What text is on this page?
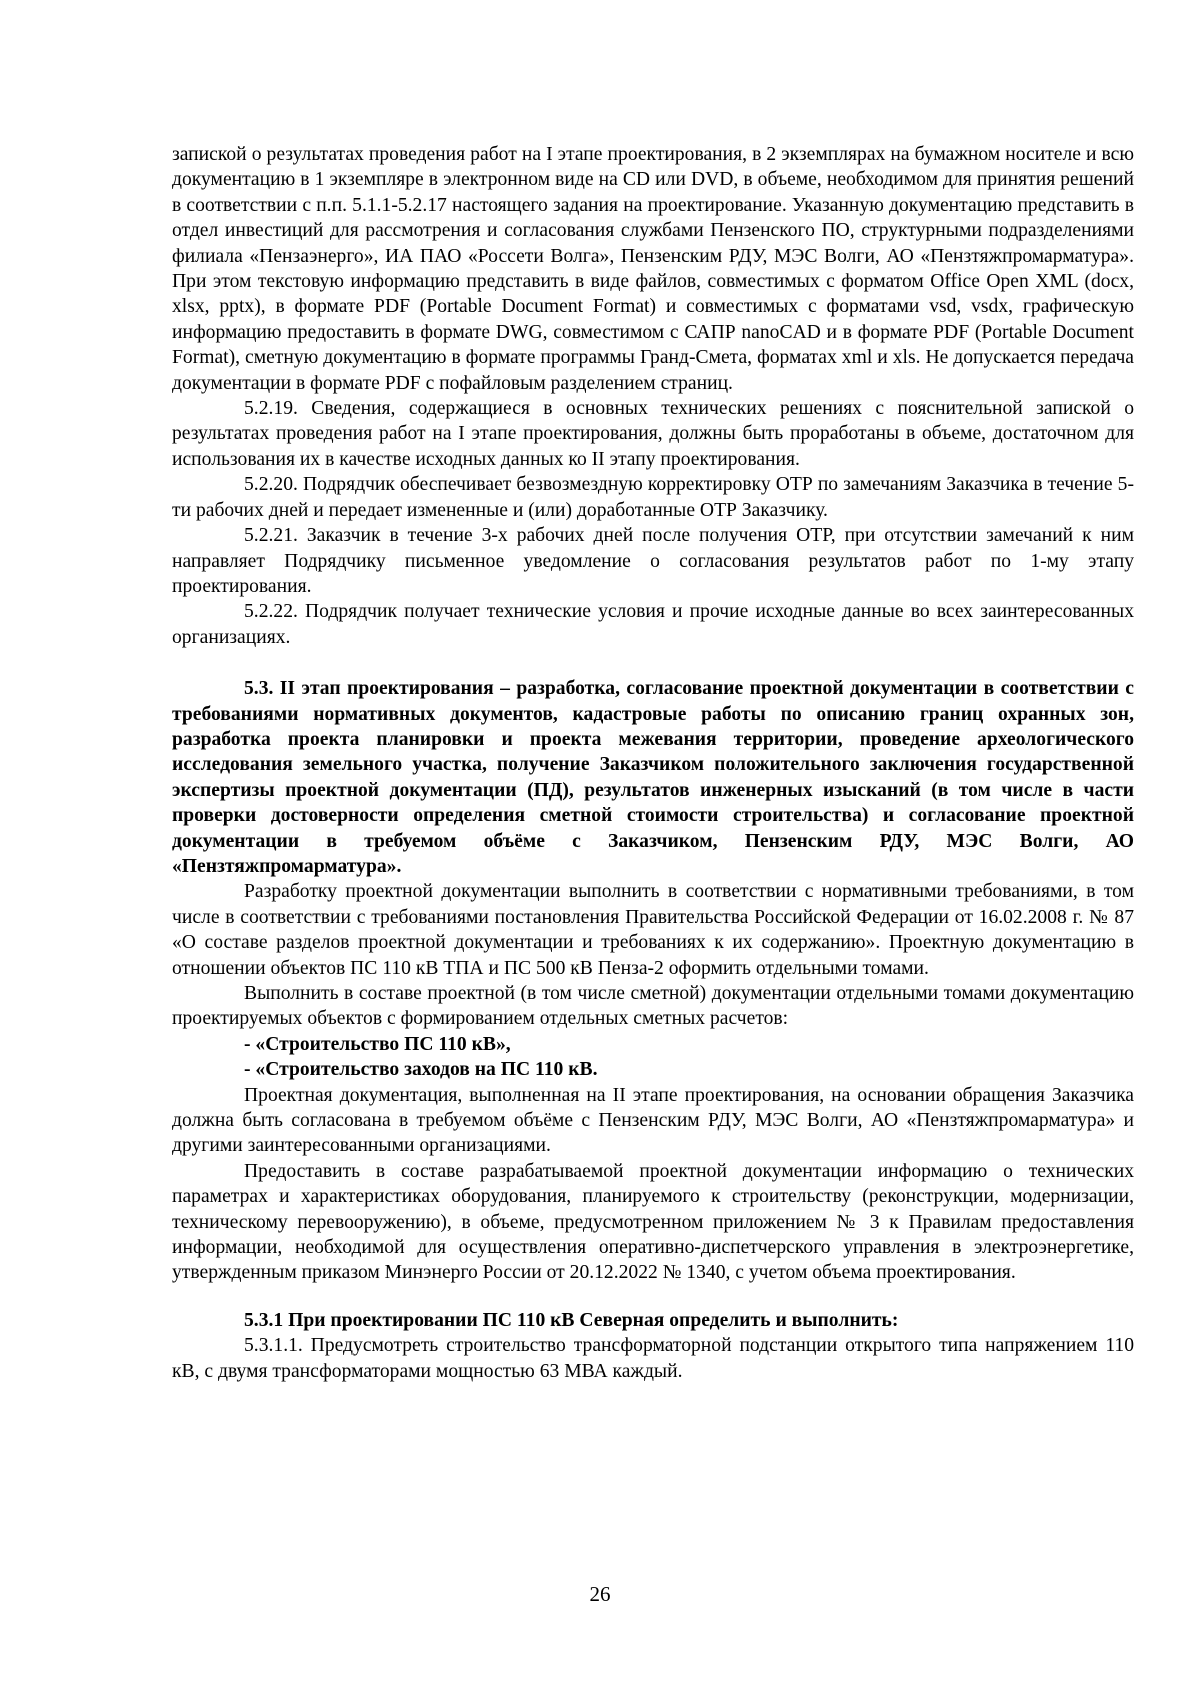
запиской о результатах проведения работ на I этапе проектирования, в 2 экземплярах на бумажном носителе и всю документацию в 1 экземпляре в электронном виде на CD или DVD, в объеме, необходимом для принятия решений в соответствии с п.п. 5.1.1-5.2.17 настоящего задания на проектирование. Указанную документацию представить в отдел инвестиций для рассмотрения и согласования службами Пензенского ПО, структурными подразделениями филиала «Пензаэнерго», ИА ПАО «Россети Волга», Пензенским РДУ, МЭС Волги, АО «Пензтяжпромарматура». При этом текстовую информацию представить в виде файлов, совместимых с форматом Office Open XML (docx, xlsx, pptx), в формате PDF (Portable Document Format) и совместимых с форматами vsd, vsdx, графическую информацию предоставить в формате DWG, совместимом с САПР nanoCAD и в формате PDF (Portable Document Format), сметную документацию в формате программы Гранд-Смета, форматах xml и xls. Не допускается передача документации в формате PDF с пофайловым разделением страниц.

5.2.19. Сведения, содержащиеся в основных технических решениях с пояснительной запиской о результатах проведения работ на I этапе проектирования, должны быть проработаны в объеме, достаточном для использования их в качестве исходных данных ко II этапу проектирования.

5.2.20. Подрядчик обеспечивает безвозмездную корректировку ОТР по замечаниям Заказчика в течение 5-ти рабочих дней и передает измененные и (или) доработанные ОТР Заказчику.

5.2.21. Заказчик в течение 3-х рабочих дней после получения ОТР, при отсутствии замечаний к ним направляет Подрядчику письменное уведомление о согласования результатов работ по 1-му этапу проектирования.

5.2.22. Подрядчик получает технические условия и прочие исходные данные во всех заинтересованных организациях.

5.3. II этап проектирования – разработка, согласование проектной документации в соответствии с требованиями нормативных документов, кадастровые работы по описанию границ охранных зон, разработка проекта планировки и проекта межевания территории, проведение археологического исследования земельного участка, получение Заказчиком положительного заключения государственной экспертизы проектной документации (ПД), результатов инженерных изысканий (в том числе в части проверки достоверности определения сметной стоимости строительства) и согласование проектной документации в требуемом объёме с Заказчиком, Пензенским РДУ, МЭС Волги, АО «Пензтяжпромарматура».

Разработку проектной документации выполнить в соответствии с нормативными требованиями, в том числе в соответствии с требованиями постановления Правительства Российской Федерации от 16.02.2008 г. № 87 «О составе разделов проектной документации и требованиях к их содержанию». Проектную документацию в отношении объектов ПС 110 кВ ТПА и ПС 500 кВ Пенза-2 оформить отдельными томами.

Выполнить в составе проектной (в том числе сметной) документации отдельными томами документацию проектируемых объектов с формированием отдельных сметных расчетов:

- «Строительство ПС 110 кВ»,

- «Строительство заходов на ПС 110 кВ.

Проектная документация, выполненная на II этапе проектирования, на основании обращения Заказчика должна быть согласована в требуемом объёме с Пензенским РДУ, МЭС Волги, АО «Пензтяжпромарматура» и другими заинтересованными организациями.

Предоставить в составе разрабатываемой проектной документации информацию о технических параметрах и характеристиках оборудования, планируемого к строительству (реконструкции, модернизации, техническому перевооружению), в объеме, предусмотренном приложением № 3 к Правилам предоставления информации, необходимой для осуществления оперативно-диспетчерского управления в электроэнергетике, утвержденным приказом Минэнерго России от 20.12.2022 № 1340, с учетом объема проектирования.

5.3.1 При проектировании ПС 110 кВ Северная определить и выполнить:

5.3.1.1. Предусмотреть строительство трансформаторной подстанции открытого типа напряжением 110 кВ, с двумя трансформаторами мощностью 63 МВА каждый.

26
